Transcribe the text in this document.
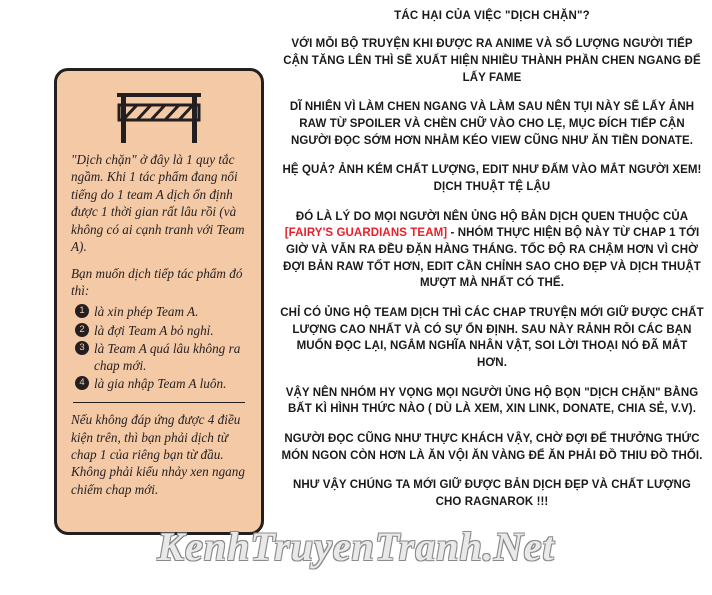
"Dịch chặn" ở đây là 1 quy tắc ngầm. Khi 1 tác phẩm đang nổi tiếng do 1 team A dịch ổn định được 1 thời gian rất lâu rồi (và không có ai cạnh tranh với Team A).

Bạn muốn dịch tiếp tác phẩm đó thì:

1 là xin phép Team A.
2 là đợi Team A bỏ nghỉ.
3 là Team A quá lâu không ra chap mới.
4 là gia nhập Team A luôn.

Nếu không đáp ứng được 4 điều kiện trên, thì bạn phải dịch từ chap 1 của riêng bạn từ đầu. Không phải kiểu nhảy xen ngang chiếm chap mới.

TÁC HẠI CỦA VIỆC "DỊCH CHẶN"?

VỚI MỖI BỘ TRUYỆN KHI ĐƯỢC RA ANIME VÀ SỐ LƯỢNG NGƯỜI TIẾP CẬN TĂNG LÊN THÌ SẼ XUẤT HIỆN NHIỀU THÀNH PHẦN CHEN NGANG ĐỂ LẤY FAME

DĨ NHIÊN VÌ LÀM CHEN NGANG VÀ LÀM SAU NÊN TỤI NÀY SẼ LẤY ẢNH RAW TỪ SPOILER VÀ CHÈN CHỮ VÀO CHO LẸ, MỤC ĐÍCH TIẾP CẬN NGƯỜI ĐỌC SỚM HƠN NHẰM KÉO VIEW CŨNG NHƯ ĂN TIỀN DONATE.

HỆ QUẢ? ẢNH KÉM CHẤT LƯỢNG, EDIT NHƯ ĐẤM VÀO MẮT NGƯỜI XEM! DỊCH THUẬT TỆ LẬU

ĐÓ LÀ LÝ DO MỌI NGƯỜI NÊN ỦNG HỘ BẢN DỊCH QUEN THUỘC CỦA
[FAIRY'S GUARDIANS TEAM] - NHÓM THỰC HIỆN BỘ NÀY TỪ CHAP 1 TỚI GIỜ VÀ VẪN RA ĐỀU ĐẶN HÀNG THÁNG. TỐC ĐỘ RA CHẬM HƠN VÌ CHỜ ĐỢI BẢN RAW TỐT HƠN, EDIT CẦN CHỈNH SAO CHO ĐẸP VÀ DỊCH THUẬT MƯỢT MÀ NHẤT CÓ THỂ.

CHỈ CÓ ỦNG HỘ TEAM DỊCH THÌ CÁC CHAP TRUYỆN MỚI GIỮ ĐƯỢC CHẤT LƯỢNG CAO NHẤT VÀ CÓ SỰ ỔN ĐỊNH. SAU NÀY RẢNH RỖI CÁC BẠN MUỐN ĐỌC LẠI, NGẮM NGHĨA NHÂN VẬT, SOI LỜI THOẠI NÓ ĐÃ MẮT HƠN.

VẬY NÊN NHÓM HY VỌNG MỌI NGƯỜI ỦNG HỘ BỌN "DỊCH CHẶN" BẰNG BẤT KÌ HÌNH THỨC NÀO ( DÙ LÀ XEM, XIN LINK, DONATE, CHIA SẺ, V.V).

NGƯỜI ĐỌC CŨNG NHƯ THỰC KHÁCH VẬY, CHỜ ĐỢI ĐỂ THƯỞNG THỨC MÓN NGON CÒN HƠN LÀ ĂN VỘI ĂN VÀNG ĐỂ ĂN PHẢI ĐỒ THIU ĐỒ THỐI.

NHƯ VẬY CHÚNG TA MỚI GIỮ ĐƯỢC BẢN DỊCH ĐẸP VÀ CHẤT LƯỢNG CHO RAGNAROK !!!

KenhTruyenTranh.Net
